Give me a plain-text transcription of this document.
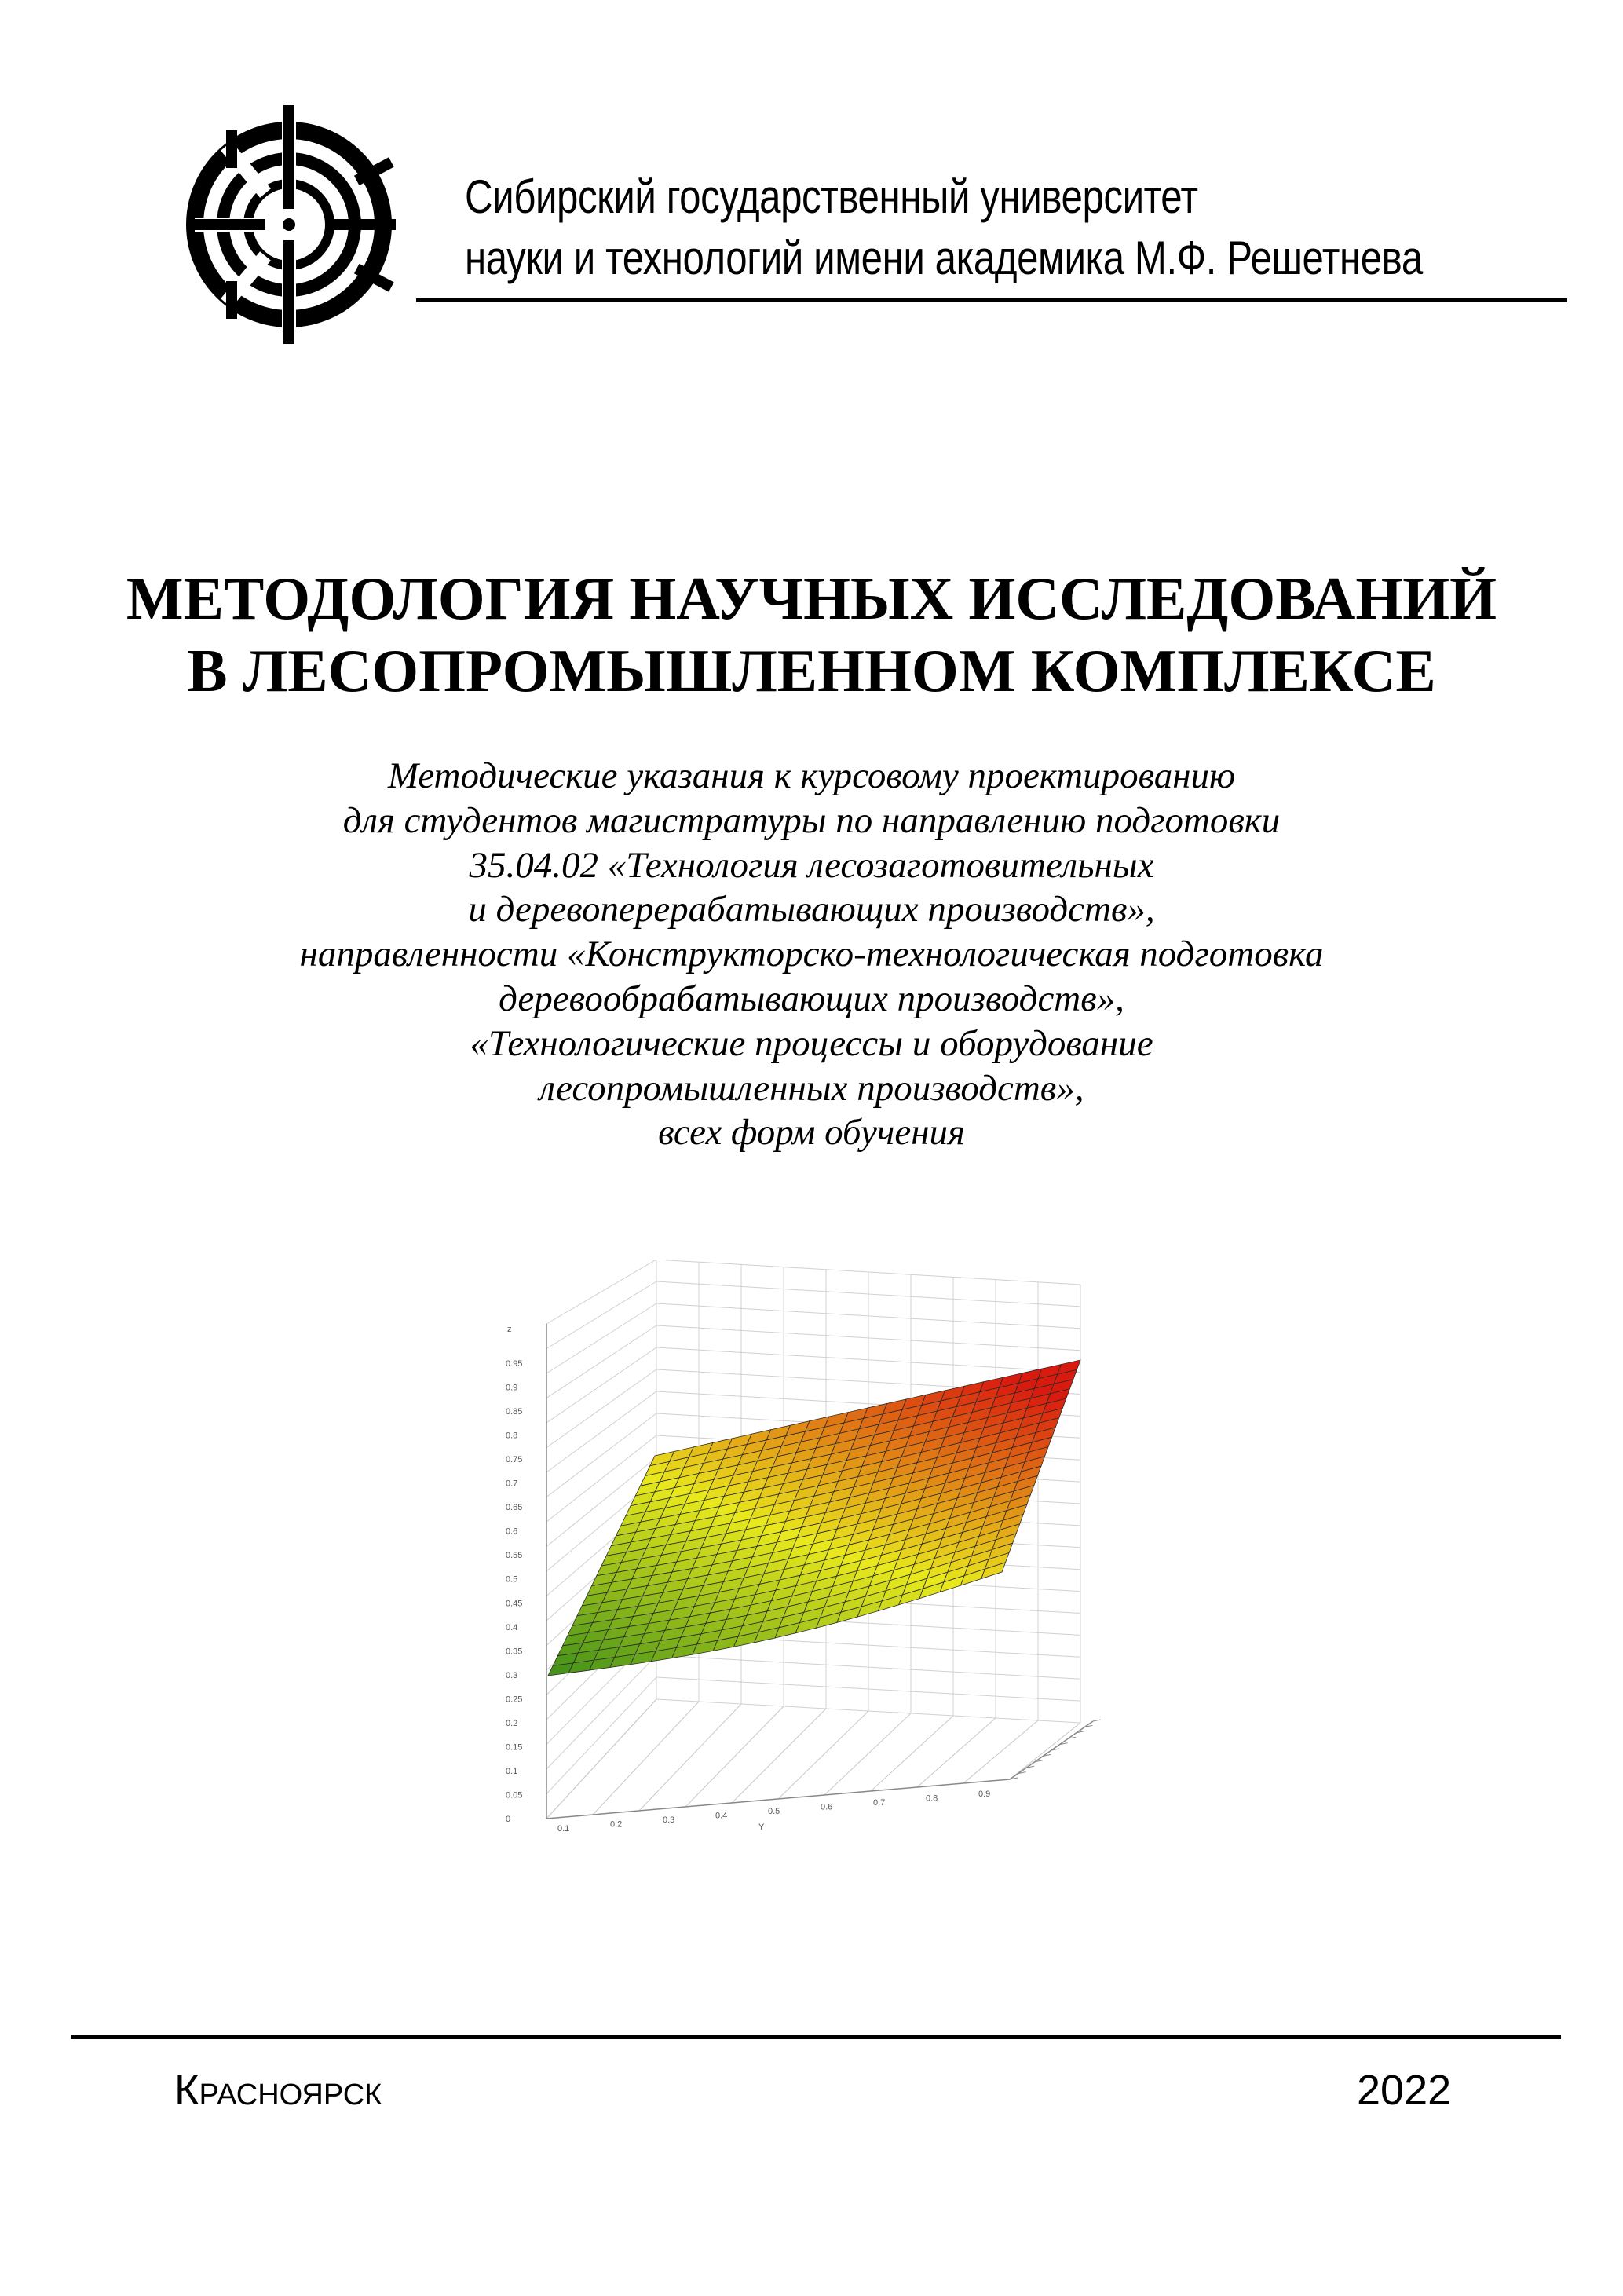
Сибирский государственный университет
науки и технологий имени академика М.Ф. Решетнева
МЕТОДОЛОГИЯ НАУЧНЫХ ИССЛЕДОВАНИЙ
В ЛЕСОПРОМЫШЛЕННОМ КОМПЛЕКСЕ
Методические указания к курсовому проектированию
для студентов магистратуры по направлению подготовки
35.04.02 «Технология лесозаготовительных
и деревоперерабатывающих производств»,
направленности «Конструкторско-технологическая подготовка
деревообрабатывающих производств»,
«Технологические процессы и оборудование
лесопромышленных производств»,
всех форм обучения
0
0.05
0.1
0.15
0.2
0.25
0.3
0.35
0.4
0.45
0.5
0.55
0.6
0.65
0.7
0.75
0.8
0.85
0.9
0.95
z
0.1	0.2	0.3	0.4	0.5	0.6	0.7	0.8	0.9
Y
Красноярск	2022
